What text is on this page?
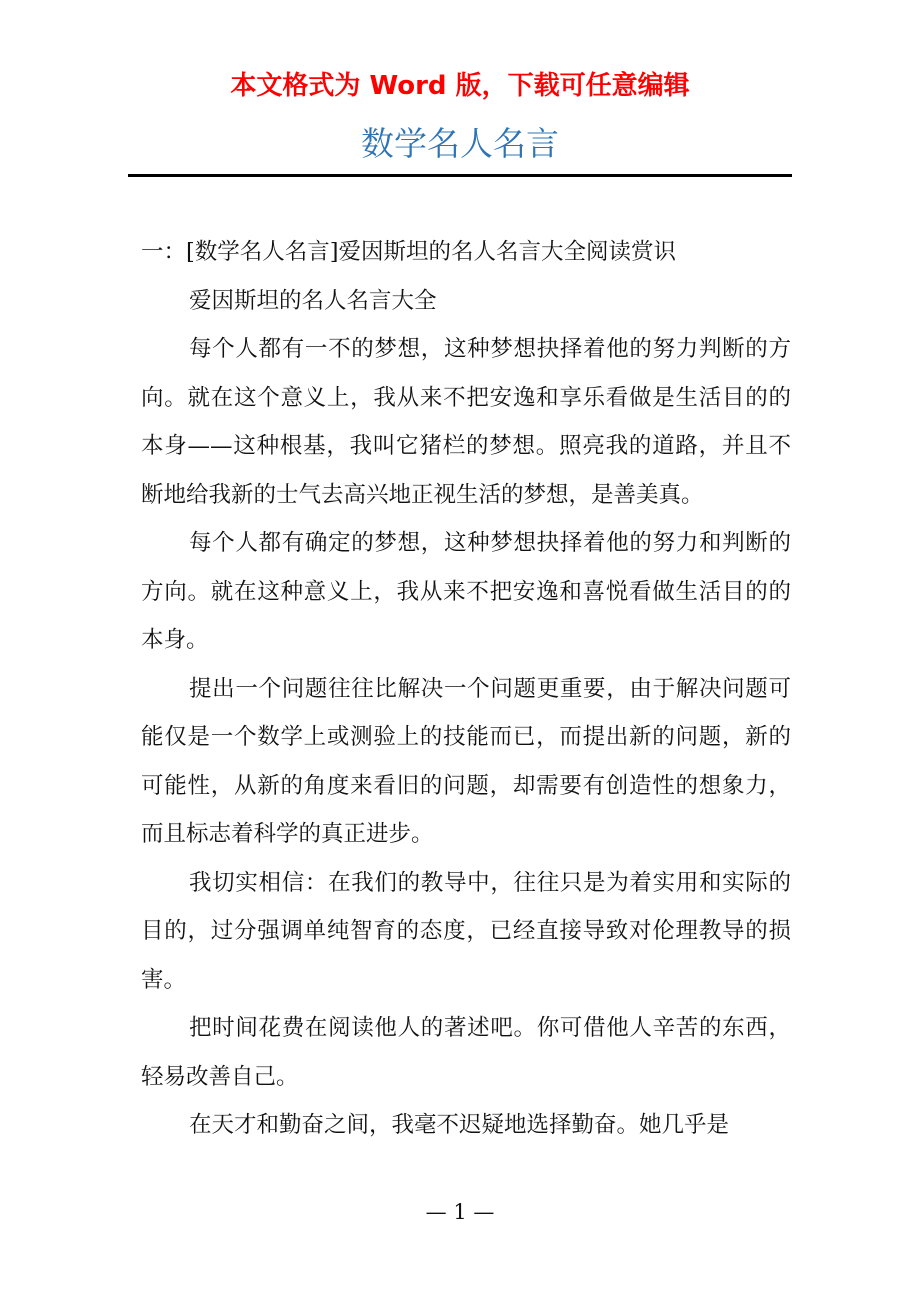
本文格式为 Word 版，下载可任意编辑
数学名人名言

一：[数学名人名言]爱因斯坦的名人名言大全阅读赏识

爱因斯坦的名人名言大全

每个人都有一不的梦想，这种梦想抉择着他的努力判断的方向。就在这个意义上，我从来不把安逸和享乐看做是生活目的的本身——这种根基，我叫它猪栏的梦想。照亮我的道路，并且不断地给我新的士气去高兴地正视生活的梦想，是善美真。

每个人都有确定的梦想，这种梦想抉择着他的努力和判断的方向。就在这种意义上，我从来不把安逸和喜悦看做生活目的的本身。

提出一个问题往往比解决一个问题更重要，由于解决问题可能仅是一个数学上或测验上的技能而已，而提出新的问题，新的可能性，从新的角度来看旧的问题，却需要有创造性的想象力，而且标志着科学的真正进步。

我切实相信：在我们的教导中，往往只是为着实用和实际的目的，过分强调单纯智育的态度，已经直接导致对伦理教导的损害。

把时间花费在阅读他人的著述吧。你可借他人辛苦的东西，轻易改善自己。

在天才和勤奋之间，我毫不迟疑地选择勤奋。她几乎是

— 1 —
